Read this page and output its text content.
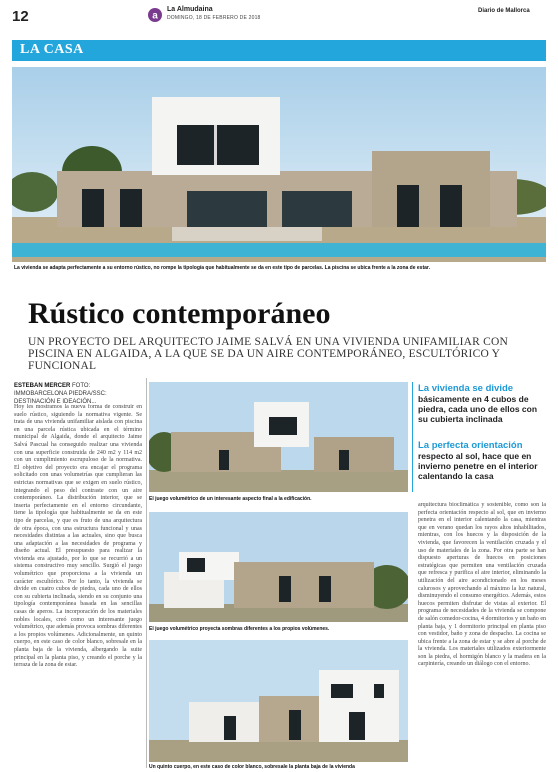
12	a
La Almudaina
DOMINGO, 18 DE FEBRERO DE 2018
Diario de Mallorca
LA CASA
La vivienda se adapta perfectamente a su entorno rústico, no rompe la tipología que habitualmente se da en este tipo de parcelas. La piscina se ubica frente a la zona de estar.
Rústico contemporáneo
UN PROYECTO DEL ARQUITECTO JAIME SALVÁ EN UNA VIVIENDA UNIFAMILIAR CON PISCINA EN ALGAIDA, A LA QUE SE DA UN AIRE CONTEMPORÁNEO, ESCULTÓRICO Y FUNCIONAL
ESTEBAN MERCER FOTO: IMMOBARCELONA PIEDRA/SSC: DESTINACIÓN E IDEACIÓN...
Hoy les mostramos la nueva forma de construir en suelo rústico, siguiendo la normativa vigente. Se trata de una vivienda unifamiliar aislada con piscina en una parcela rústica ubicada en el término municipal de Algaida, donde el arquitecto Jaime Salvá Pascual ha conseguido realizar una vivienda con una superficie construida de 240 m2 y 114 m2 con un cumplimiento escrupuloso de la normativa. El objetivo del proyecto era encajar el programa solicitado con unas volumetrías que cumplieran las estrictas normativas que se exigen en suelo rústico, integrando el peso del contraste con un aire contemporáneo. La distribución interior, que se inserta perfectamente en el entorno circundante, tiene la tipología que habitualmente se da en este tipo de parcelas, y que es fruto de una arquitectura de otra época, con una estructura funcional y unas necesidades distintas a las actuales, sino que busca una adaptación a las necesidades de programa y diseño actual. El presupuesto para realizar la vivienda era ajustado, por lo que se recurrió a un sistema constructivo muy sencillo. Surgió el juego volumétrico que proporciona a la vivienda un carácter escultórico. Por lo tanto, la vivienda se divide en cuatro cubos de piedra, cada uno de ellos con su cubierta inclinada, siendo en su conjunto una tipología contemporánea basada en las sencillas casas de aperos. La incorporación de los materiales nobles locales, creó como un interesante juego volumétrico, que además provoca sombras diferentes a los propios volúmenes. Adicionalmente, un quinto cuerpo, en este caso de color blanco, sobresale en la planta baja de la vivienda, albergando la suite principal en la planta piso, y creando el porche y la terraza de la zona de estar.
El juego volumétrico de un interesante aspecto final a la edificación.
El juego volumétrico proyecta sombras diferentes a los propios volúmenes.
Un quinto cuerpo, en este caso de color blanco, sobresale la planta baja de la vivienda
La vivienda se divide
básicamente en 4 cubos de piedra, cada uno de ellos con su cubierta inclinada
La perfecta orientación
respecto al sol, hace que en invierno penetre en el interior calentando la casa
arquitectura bioclimática y sostenible, como son la perfecta orientación respecto al sol, que en invierno penetra en el interior calentando la casa, mientras que en verano quedan los rayos altos inhabilitados, mientras, con los huecos y la disposición de la vivienda, que favorecen la ventilación cruzada y el uso de materiales de la zona. Por otra parte se han dispuesto aperturas de huecos en posiciones estratégicas que permiten una ventilación cruzada que refresca y purifica el aire interior, eliminando la utilización del aire acondicionado en los meses calurosos y aprovechando al máximo la luz natural, disminuyendo el consumo energético. Además, estos huecos permiten disfrutar de vistas al exterior. El programa de necesidades de la vivienda se compone de salón comedor-cocina, 4 dormitorios y un baño en planta baja, y 1 dormitorio principal en planta piso con vestidor, baño y zona de despacho. La cocina se ubica frente a la zona de estar y se abre al porche de la vivienda. Los materiales utilizados exteriormente son la piedra, el hormigón blanco y la madera en la carpintería, creando un diálogo con el entorno.
